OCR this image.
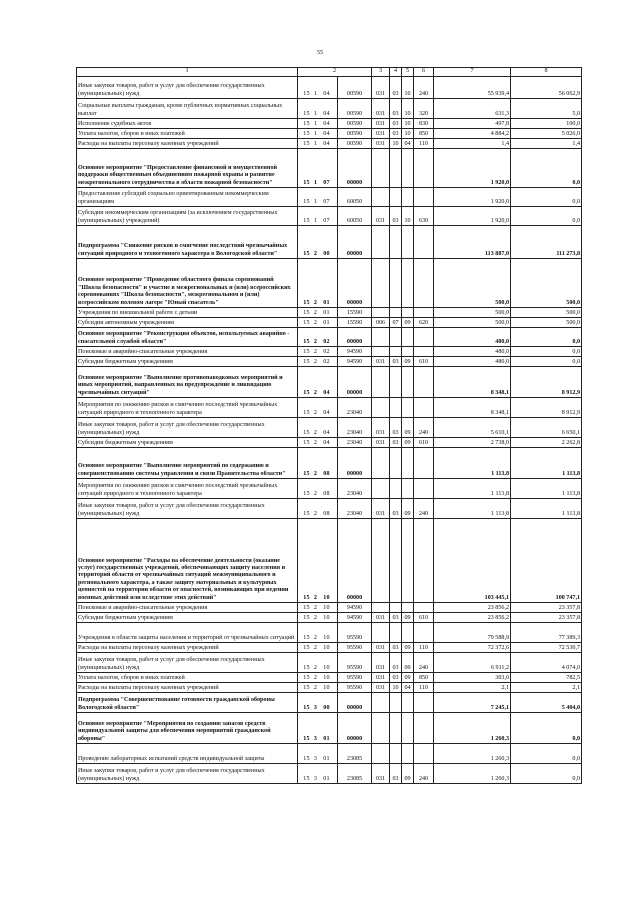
55
1	2		3	4	5	6	7	8
Иные закупки товаров, работ и услуг для обеспечения государственных (муниципальных) нужд	15 1 04	00590	031	03	10	240	55 939,4	56 062,9
Социальные выплаты гражданам, кроме публичных нормативных социальных выплат	15 1 04	00590	031	03	10	320	631,3	5,0
Исполнение судебных актов	15 1 04	00590	031	03	10	830	497,8	100,0
Уплата налогов, сборов и иных платежей	15 1 04	00590	031	03	10	850	4 884,2	5 026,0
Расходы на выплаты персоналу казенных учреждений	15 1 04	00590	031	10	04	110	1,4	1,4
Основное мероприятие "Предоставление финансовой и имущественной поддержки общественным объединениям пожарной охраны и развитие межрегионального сотрудничества в области пожарной безопасности"	15 1 07	00000					1 920,0	0,0
Предоставление субсидий социально ориентированным некоммерческим организациям	15 1 07	60050					1 920,0	0,0
Субсидии некоммерческим организациям (за исключением государственных (муниципальных) учреждений)	15 1 07	60050	031	03	10	630	1 920,0	0,0
Подпрограмма "Снижение рисков и смягчение последствий чрезвычайных ситуаций природного и техногенного характера в Вологодской области"	15 2 00	00000					113 887,0	111 273,8
Основное мероприятие "Проведение областного финала соревнований "Школа безопасности" и участие в межрегиональных и (или) всероссийских соревнованиях "Школа безопасности", межрегиональном и (или) всероссийском полевом лагере "Юный спасатель"	15 2 01	00000					500,0	500,0
Учреждения по внешкольной работе с детьми	15 2 01	15590					500,0	500,0
Субсидии автономным учреждениям	15 2 01	15590	006	07	09	620	500,0	500,0
Основное мероприятие "Реконструкция объектов, используемых аварийно - спасательной службой области"	15 2 02	00000					480,0	0,0
Поисковые и аварийно-спасательные учреждения	15 2 02	94590					480,0	0,0
Субсидии бюджетным учреждениям	15 2 02	94590	031	03	09	610	480,0	0,0
Основное мероприятие "Выполнение противопаводковых мероприятий и иных мероприятий, направленных на предупреждение и ликвидацию чрезвычайных ситуаций"	15 2 04	00000					8 348,1	8 912,9
Мероприятия по снижению рисков и смягчению последствий чрезвычайных ситуаций природного и техногенного характера	15 2 04	23040					8 348,1	8 912,9
Иные закупки товаров, работ и услуг для обеспечения государственных (муниципальных) нужд	15 2 04	23040	031	03	09	240	5 610,1	6 650,1
Субсидии бюджетным учреждениям	15 2 04	23040	031	03	09	610	2 738,0	2 262,8
Основное мероприятие "Выполнение мероприятий по содержанию и совершенствованию системы управления и связи Правительства области"	15 2 08	00000					1 113,8	1 113,8
Мероприятия по снижению рисков и смягчению последствий чрезвычайных ситуаций природного и техногенного характера	15 2 08	23040					1 113,8	1 113,8
Иные закупки товаров, работ и услуг для обеспечения государственных (муниципальных) нужд	15 2 08	23040	031	03	09	240	1 113,8	1 113,8
Основное мероприятие "Расходы на обеспечение деятельности (оказание услуг) государственных учреждений, обеспечивающих защиту населения и территорий области от чрезвычайных ситуаций межмуниципального и регионального характера, а также защиту материальных и культурных ценностей на территории области от опасностей, возникающих при ведении военных действий или вследствие этих действий"	15 2 10	00000					103 445,1	100 747,1
Поисковые и аварийно-спасательные учреждения	15 2 10	94590					23 856,2	23 357,8
Субсидии бюджетным учреждениям	15 2 10	94590	031	03	09	610	23 856,2	23 357,8
Учреждения в области защиты населения и территорий от чрезвычайных ситуаций	15 2 10	95590					79 588,9	77 389,3
Расходы на выплаты персоналу казенных учреждений	15 2 10	95590	031	03	09	110	72 372,6	72 530,7
Иные закупки товаров, работ и услуг для обеспечения государственных (муниципальных) нужд	15 2 10	95590	031	03	09	240	6 911,2	4 074,0
Уплата налогов, сборов и иных платежей	15 2 10	95590	031	03	09	850	303,0	782,5
Расходы на выплаты персоналу казенных учреждений	15 2 10	95590	031	10	04	110	2,1	2,1
Подпрограмма "Совершенствование готовности гражданской обороны Вологодской области"	15 3 00	00000					7 245,1	5 404,0
Основное мероприятие "Мероприятия по созданию запасов средств индивидуальной защиты для обеспечения мероприятий гражданской обороны"	15 3 01	00000					1 260,3	0,0
Проведение лабораторных испытаний средств индивидуальной защиты	15 3 01	23085					1 260,3	0,0
Иные закупки товаров, работ и услуг для обеспечения государственных (муниципальных) нужд	15 3 01	23085	031	03	09	240	1 260,3	0,0
